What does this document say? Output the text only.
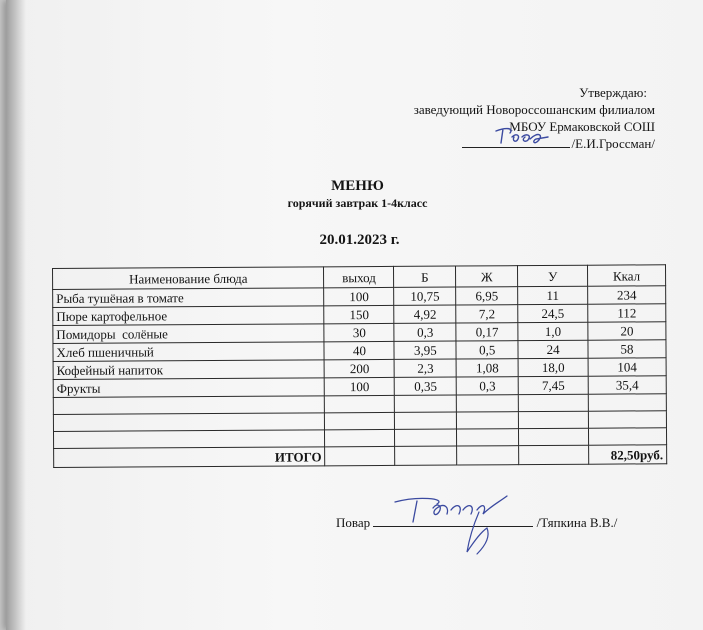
Утверждаю:
заведующий Новороссошанским филиалом
МБОУ Ермаковской СОШ
/Е.И.Гроссман/
МЕНЮ
горячий завтрак 1-4класс
20.01.2023 г.
Наименование блюда	выход	Б	Ж	У	Ккал
Рыба тушёная в томате	100	10,75	6,95	11	234
Пюре картофельное	150	4,92	7,2	24,5	112
Помидоры  солёные	30	0,3	0,17	1,0	20
Хлеб пшеничный	40	3,95	0,5	24	58
Кофейный напиток	200	2,3	1,08	18,0	104
Фрукты	100	0,35	0,3	7,45	35,4

ИТОГО					82,50руб.
Повар	/Тяпкина В.В./
